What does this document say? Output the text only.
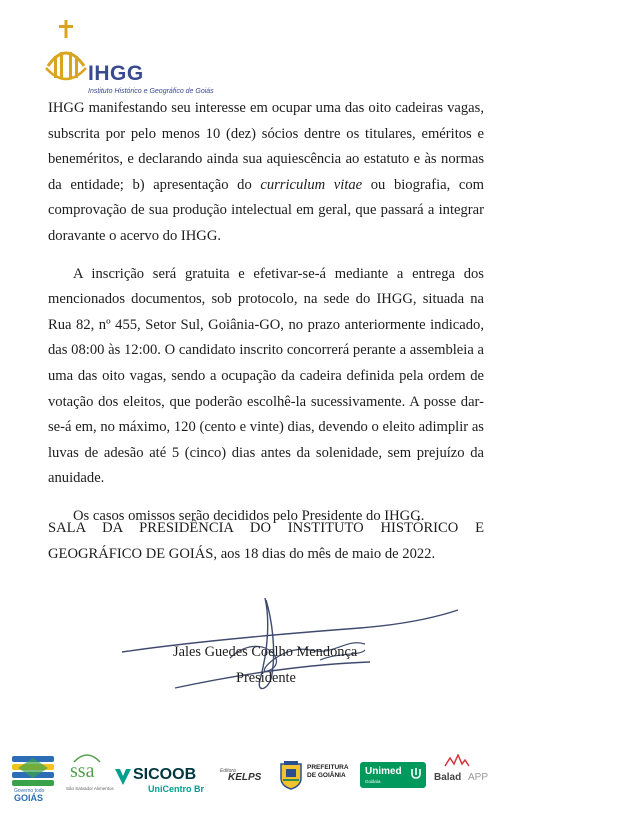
IHGG
Instituto Histórico e Geográfico de Goiás

IHGG manifestando seu interesse em ocupar uma das oito cadeiras vagas, subscrita por pelo menos 10 (dez) sócios dentre os titulares, eméritos e beneméritos, e declarando ainda sua aquiescência ao estatuto e às normas da entidade; b) apresentação do curriculum vitae ou biografia, com comprovação de sua produção intelectual em geral, que passará a integrar doravante o acervo do IHGG.

A inscrição será gratuita e efetivar-se-á mediante a entrega dos mencionados documentos, sob protocolo, na sede do IHGG, situada na Rua 82, nº 455, Setor Sul, Goiânia-GO, no prazo anteriormente indicado, das 08:00 às 12:00. O candidato inscrito concorrerá perante a assembleia a uma das oito vagas, sendo a ocupação da cadeira definida pela ordem de votação dos eleitos, que poderão escolhê-la sucessivamente. A posse dar-se-á em, no máximo, 120 (cento e vinte) dias, devendo o eleito adimplir as luvas de adesão até 5 (cinco) dias antes da solenidade, sem prejuízo da anuidade.

Os casos omissos serão decididos pelo Presidente do IHGG.

SALA DA PRESIDÊNCIA DO INSTITUTO HISTÓRICO E GEOGRÁFICO DE GOIÁS, aos 18 dias do mês de maio de 2022.

Jales Guedes Coelho Mendonça
Presidente
Governo todo
GOIÁS
ssa
São Salvador Alimentos
SICOOB
UniCentro Br
Editora
KELPS
PREFEITURA
DE GOIÂNIA Unimed
Goiânia	Balad APP
